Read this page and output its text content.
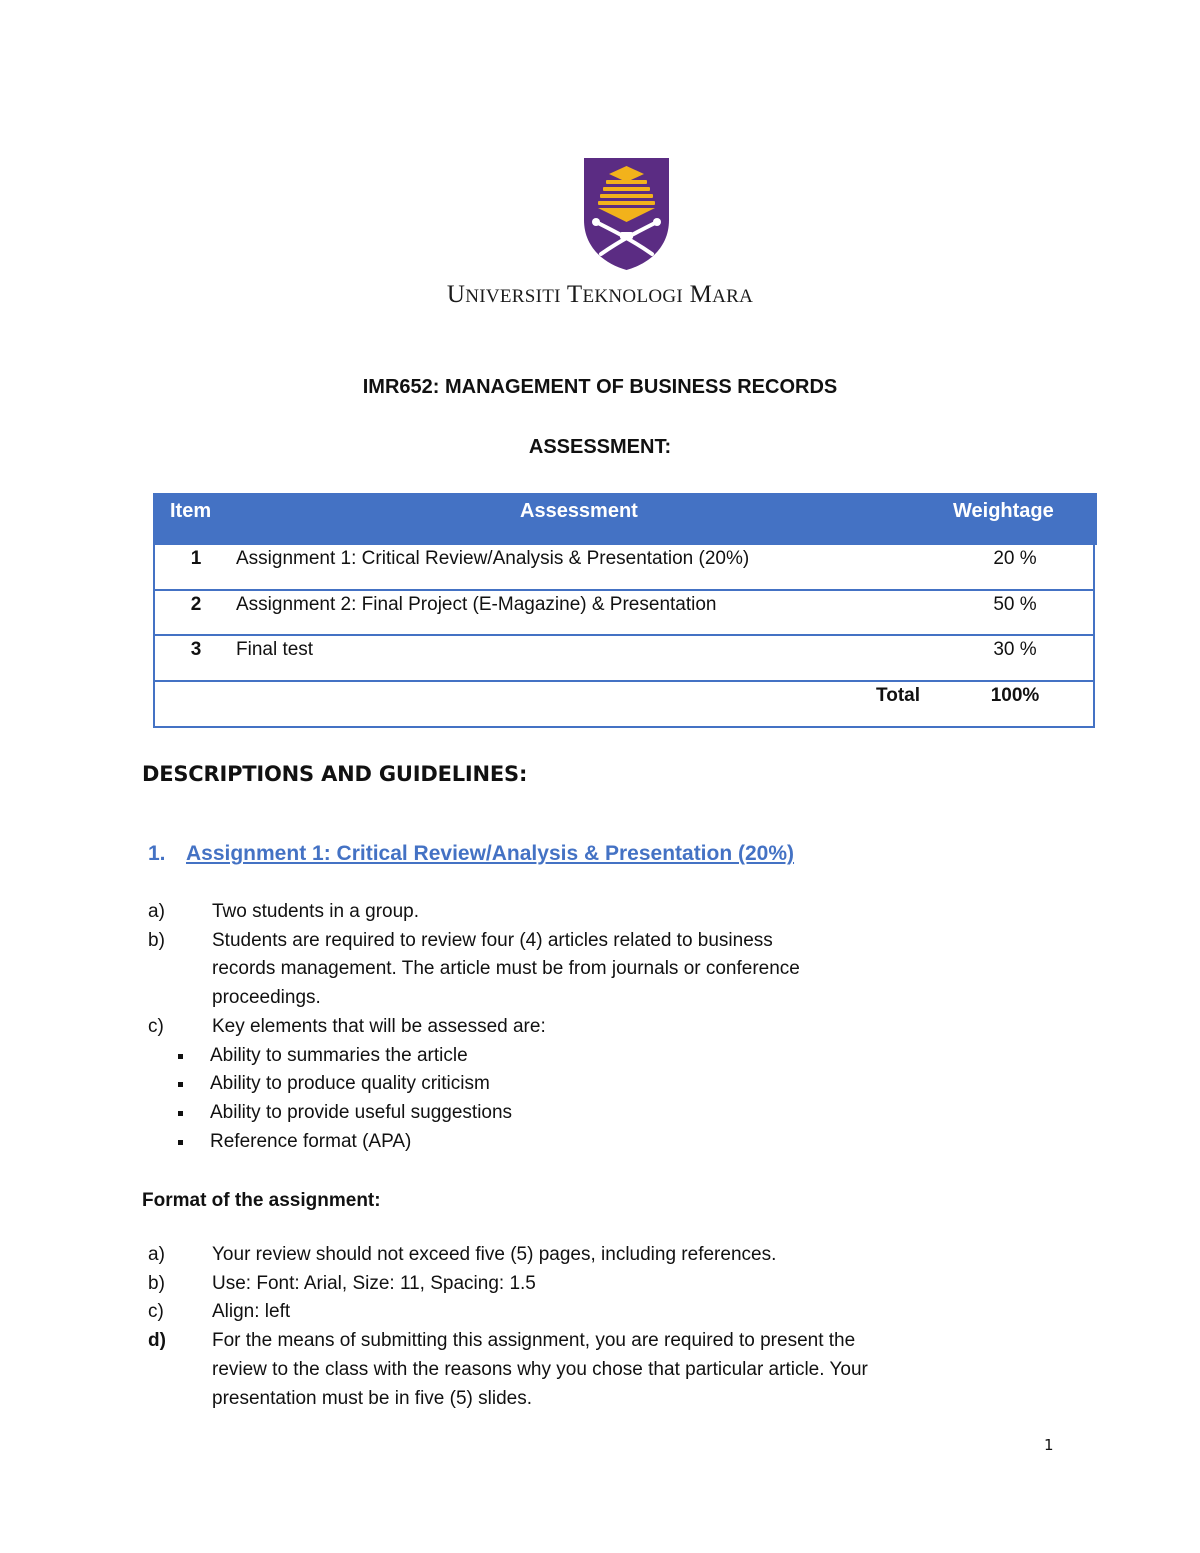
UNIVERSITI TEKNOLOGI MARA
IMR652: MANAGEMENT OF BUSINESS RECORDS
ASSESSMENT:
Item	Assessment	Weightage
1	Assignment 1: Critical Review/Analysis & Presentation (20%)	20 %
2	Assignment 2: Final Project (E-Magazine) & Presentation	50 %
3	Final test	30 %
Total	100%
DESCRIPTIONS AND GUIDELINES:
1. Assignment 1: Critical Review/Analysis & Presentation (20%)
a)	Two students in a group.
b)	Students are required to review four (4) articles related to business
records management. The article must be from journals or conference
proceedings.
c)	Key elements that will be assessed are:
Ability to summaries the article
Ability to produce quality criticism
Ability to provide useful suggestions
Reference format (APA)
Format of the assignment:
a)	Your review should not exceed five (5) pages, including references.
b)	Use: Font: Arial, Size: 11, Spacing: 1.5
c)	Align: left
d)	For the means of submitting this assignment, you are required to present the
review to the class with the reasons why you chose that particular article. Your
presentation must be in five (5) slides.
1
